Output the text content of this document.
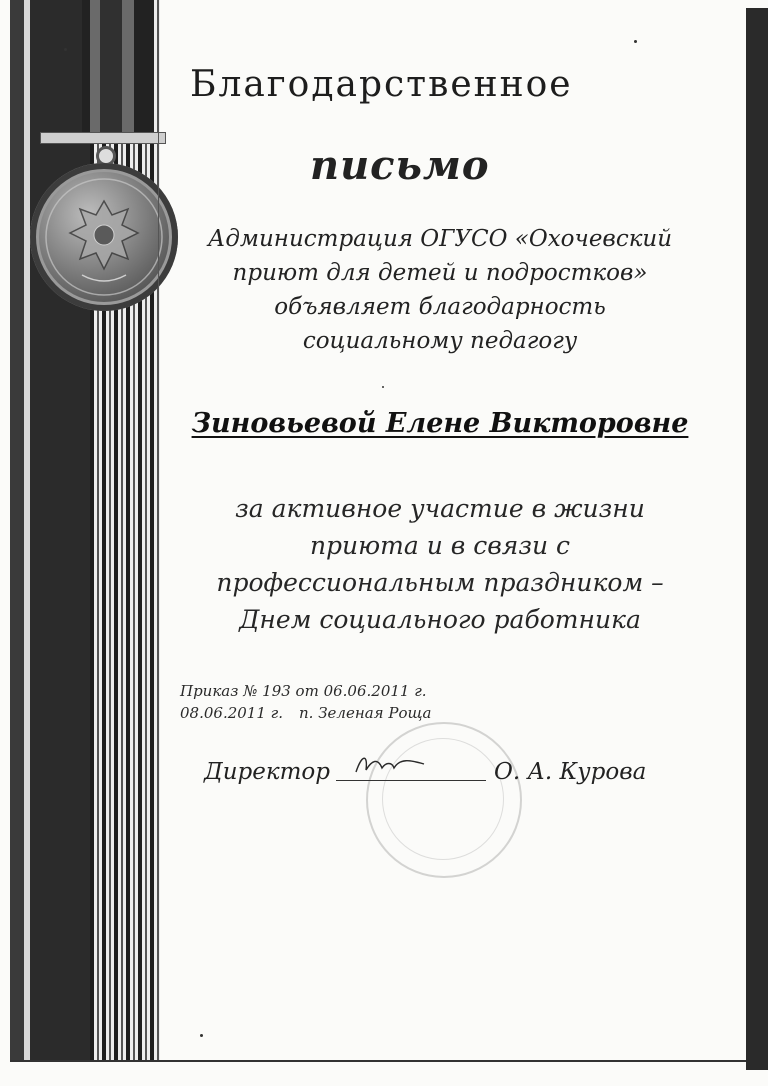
Благодарственное
письмо
Администрация ОГУСО «Охочевский
приют для детей и подростков»
объявляет благодарность
социальному педагогу
Зиновьевой Елене Викторовне
за активное участие в жизни
приюта и в связи с
профессиональным праздником –
Днем социального работника
Приказ № 193 от 06.06.2011 г.
08.06.2011 г. п. Зеленая Роща
Директор	О. А. Курова
